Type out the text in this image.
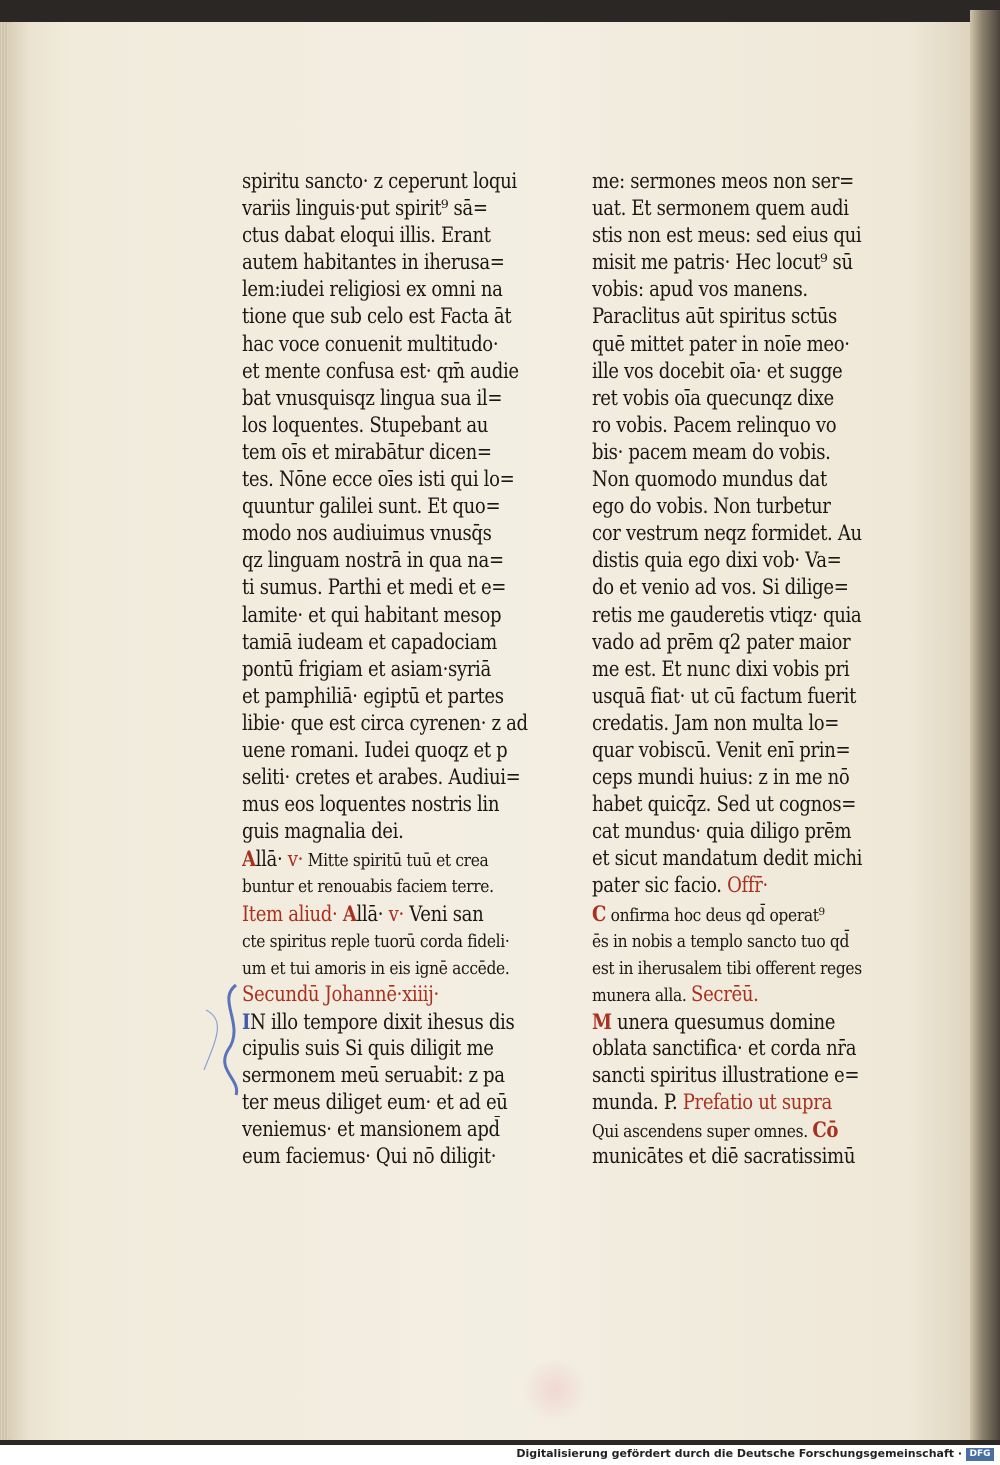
spiritu sancto· z ceperunt loqui
variis linguis·put spirit⁹ sā=
ctus dabat eloqui illis. Erant
autem habitantes in iherusa=
lem:iudei religiosi ex omni na
tione que sub celo est Facta āt
hac voce conuenit multitudo·
et mente confusa est· qm̄ audie
bat vnusquisqz lingua sua il=
los loquentes. Stupebant au
tem oīs et mirabātur dicen=
tes. Nōne ecce oīes isti qui lo=
quuntur galilei sunt. Et quo=
modo nos audiuimus vnusq̄s
qz linguam nostrā in qua na=
ti sumus. Parthi et medi et e=
lamite· et qui habitant mesop
tamiā iudeam et capadociam
pontū frigiam et asiam·syriā
et pamphiliā· egiptū et partes
libie· que est circa cyrenen· z ad
uene romani. Iudei quoqz et p
seliti· cretes et arabes. Audiui=
mus eos loquentes nostris lin
guis magnalia dei.
Allā· v· Mitte spiritū tuū et crea
buntur et renouabis faciem terre.
Item aliud· Allā· v· Veni san
cte spiritus reple tuorū corda fideli·
um et tui amoris in eis ignē accēde.
Secundū Johannē·xiiij·
IN illo tempore dixit ihesus dis
cipulis suis Si quis diligit me
sermonem meū seruabit: z pa
ter meus diliget eum· et ad eū
veniemus· et mansionem apd̄
eum faciemus· Qui nō diligit·
me: sermones meos non ser=
uat. Et sermonem quem audi
stis non est meus: sed eius qui
misit me patris· Hec locut⁹ sū
vobis: apud vos manens.
Paraclitus aūt spiritus sctūs
quē mittet pater in noīe meo·
ille vos docebit oīa· et sugge
ret vobis oīa quecunqz dixe
ro vobis. Pacem relinquo vo
bis· pacem meam do vobis.
Non quomodo mundus dat
ego do vobis. Non turbetur
cor vestrum neqz formidet. Au
distis quia ego dixi vob· Va=
do et venio ad vos. Si dilige=
retis me gauderetis vtiqz· quia
vado ad prēm q2 pater maior
me est. Et nunc dixi vobis pri
usquā fiat· ut cū factum fuerit
credatis. Jam non multa lo=
quar vobiscū. Venit enī prin=
ceps mundi huius: z in me nō
habet quicq̄z. Sed ut cognos=
cat mundus· quia diligo prēm
et sicut mandatum dedit michi
pater sic facio. Offr̄·
C onfirma hoc deus qd̄ operat⁹
ēs in nobis a templo sancto tuo qd̄
est in iherusalem tibi offerent reges
munera alla. Secrēū.
M unera quesumus domine
oblata sanctifica· et corda nr̄a
sancti spiritus illustratione e=
munda. P. Prefatio ut supra
Qui ascendens super omnes. Cō
municātes et diē sacratissimū
Digitalisierung gefördert durch die Deutsche Forschungsgemeinschaft · DFG
